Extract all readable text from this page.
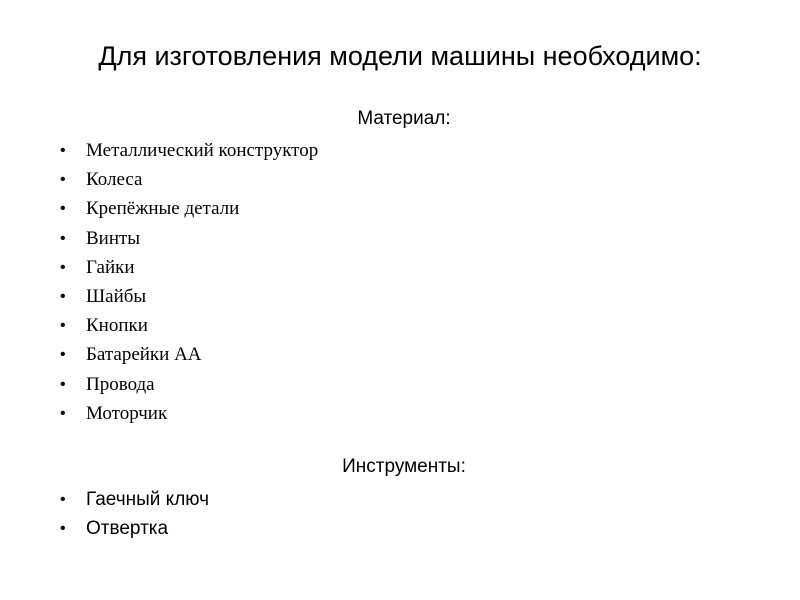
Для изготовления модели машины необходимо:
Материал:
•	Металлический конструктор
•	Колеса
•	Крепёжные детали
•	Винты
•	Гайки
•	Шайбы
•	Кнопки
•	Батарейки АА
•	Провода
•	Моторчик
Инструменты:
•	Гаечный ключ
•	Отвертка
